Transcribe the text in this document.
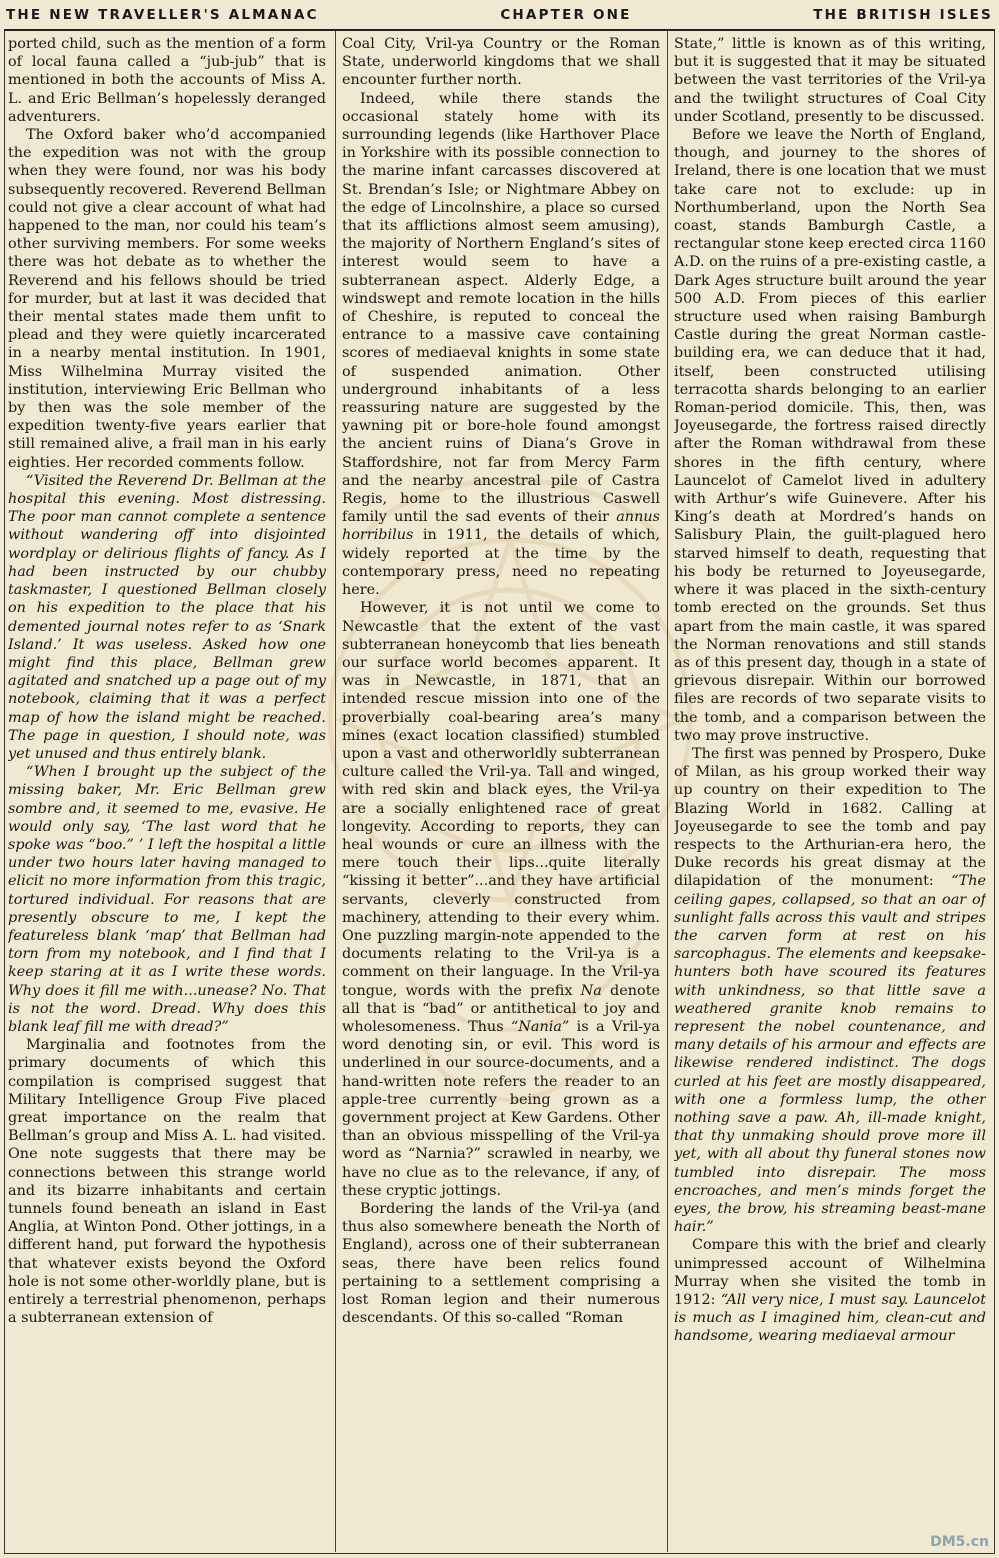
THE NEW TRAVELLER'S ALMANAC	CHAPTER ONE	THE BRITISH ISLES

ported child, such as the mention of a form of local fauna called a “jub-jub” that is mentioned in both the accounts of Miss A. L. and Eric Bellman’s hopelessly deranged adventurers.

The Oxford baker who’d accompanied the expedition was not with the group when they were found, nor was his body subsequently recovered. Reverend Bellman could not give a clear account of what had happened to the man, nor could his team’s other surviving members. For some weeks there was hot debate as to whether the Reverend and his fellows should be tried for murder, but at last it was decided that their mental states made them unfit to plead and they were quietly incarcerated in a nearby mental institution. In 1901, Miss Wilhelmina Murray visited the institution, interviewing Eric Bellman who by then was the sole member of the expedition twenty-five years earlier that still remained alive, a frail man in his early eighties. Her recorded comments follow.

“Visited the Reverend Dr. Bellman at the hospital this evening. Most distressing. The poor man cannot complete a sentence without wandering off into disjointed wordplay or delirious flights of fancy. As I had been instructed by our chubby taskmaster, I questioned Bellman closely on his expedition to the place that his demented journal notes refer to as ‘Snark Island.’ It was useless. Asked how one might find this place, Bellman grew agitated and snatched up a page out of my notebook, claiming that it was a perfect map of how the island might be reached. The page in question, I should note, was yet unused and thus entirely blank.

“When I brought up the subject of the missing baker, Mr. Eric Bellman grew sombre and, it seemed to me, evasive. He would only say, ‘The last word that he spoke was “boo.” ’ I left the hospital a little under two hours later having managed to elicit no more information from this tragic, tortured individual. For reasons that are presently obscure to me, I kept the featureless blank ‘map’ that Bellman had torn from my notebook, and I find that I keep staring at it as I write these words. Why does it fill me with...unease? No. That is not the word. Dread. Why does this blank leaf fill me with dread?”

Marginalia and footnotes from the primary documents of which this compilation is comprised suggest that Military Intelligence Group Five placed great importance on the realm that Bellman’s group and Miss A. L. had visited. One note suggests that there may be connections between this strange world and its bizarre inhabitants and certain tunnels found beneath an island in East Anglia, at Winton Pond. Other jottings, in a different hand, put forward the hypothesis that whatever exists beyond the Oxford hole is not some other-worldly plane, but is entirely a terrestrial phenomenon, perhaps a subterranean extension of

Coal City, Vril-ya Country or the Roman State, underworld kingdoms that we shall encounter further north.

Indeed, while there stands the occasional stately home with its surrounding legends (like Harthover Place in Yorkshire with its possible connection to the marine infant carcasses discovered at St. Brendan’s Isle; or Nightmare Abbey on the edge of Lincolnshire, a place so cursed that its afflictions almost seem amusing), the majority of Northern England’s sites of interest would seem to have a subterranean aspect. Alderly Edge, a windswept and remote location in the hills of Cheshire, is reputed to conceal the entrance to a massive cave containing scores of mediaeval knights in some state of suspended animation. Other underground inhabitants of a less reassuring nature are suggested by the yawning pit or bore-hole found amongst the ancient ruins of Diana’s Grove in Staffordshire, not far from Mercy Farm and the nearby ancestral pile of Castra Regis, home to the illustrious Caswell family until the sad events of their annus horribilus in 1911, the details of which, widely reported at the time by the contemporary press, need no repeating here.

However, it is not until we come to Newcastle that the extent of the vast subterranean honeycomb that lies beneath our surface world becomes apparent. It was in Newcastle, in 1871, that an intended rescue mission into one of the proverbially coal-bearing area’s many mines (exact location classified) stumbled upon a vast and otherworldly subterranean culture called the Vril-ya. Tall and winged, with red skin and black eyes, the Vril-ya are a socially enlightened race of great longevity. According to reports, they can heal wounds or cure an illness with the mere touch their lips...quite literally “kissing it better”...and they have artificial servants, cleverly constructed from machinery, attending to their every whim. One puzzling margin-note appended to the documents relating to the Vril-ya is a comment on their language. In the Vril-ya tongue, words with the prefix Na denote all that is “bad” or antithetical to joy and wholesomeness. Thus “Nania” is a Vril-ya word denoting sin, or evil. This word is underlined in our source-documents, and a hand-written note refers the reader to an apple-tree currently being grown as a government project at Kew Gardens. Other than an obvious misspelling of the Vril-ya word as “Narnia?” scrawled in nearby, we have no clue as to the relevance, if any, of these cryptic jottings.

Bordering the lands of the Vril-ya (and thus also somewhere beneath the North of England), across one of their subterranean seas, there have been relics found pertaining to a settlement comprising a lost Roman legion and their numerous descendants. Of this so-called “Roman

State,” little is known as of this writing, but it is suggested that it may be situated between the vast territories of the Vril-ya and the twilight structures of Coal City under Scotland, presently to be discussed.

Before we leave the North of England, though, and journey to the shores of Ireland, there is one location that we must take care not to exclude: up in Northumberland, upon the North Sea coast, stands Bamburgh Castle, a rectangular stone keep erected circa 1160 A.D. on the ruins of a pre-existing castle, a Dark Ages structure built around the year 500 A.D. From pieces of this earlier structure used when raising Bamburgh Castle during the great Norman castle-building era, we can deduce that it had, itself, been constructed utilising terracotta shards belonging to an earlier Roman-period domicile. This, then, was Joyeusegarde, the fortress raised directly after the Roman withdrawal from these shores in the fifth century, where Launcelot of Camelot lived in adultery with Arthur’s wife Guinevere. After his King’s death at Mordred’s hands on Salisbury Plain, the guilt-plagued hero starved himself to death, requesting that his body be returned to Joyeusegarde, where it was placed in the sixth-century tomb erected on the grounds. Set thus apart from the main castle, it was spared the Norman renovations and still stands as of this present day, though in a state of grievous disrepair. Within our borrowed files are records of two separate visits to the tomb, and a comparison between the two may prove instructive.

The first was penned by Prospero, Duke of Milan, as his group worked their way up country on their expedition to The Blazing World in 1682. Calling at Joyeusegarde to see the tomb and pay respects to the Arthurian-era hero, the Duke records his great dismay at the dilapidation of the monument: “The ceiling gapes, collapsed, so that an oar of sunlight falls across this vault and stripes the carven form at rest on his sarcophagus. The elements and keepsake-hunters both have scoured its features with unkindness, so that little save a weathered granite knob remains to represent the nobel countenance, and many details of his armour and effects are likewise rendered indistinct. The dogs curled at his feet are mostly disappeared, with one a formless lump, the other nothing save a paw. Ah, ill-made knight, that thy unmaking should prove more ill yet, with all about thy funeral stones now tumbled into disrepair. The moss encroaches, and men’s minds forget the eyes, the brow, his streaming beast-mane hair.”

Compare this with the brief and clearly unimpressed account of Wilhelmina Murray when she visited the tomb in 1912: “All very nice, I must say. Launcelot is much as I imagined him, clean-cut and handsome, wearing mediaeval armour

DM5.cn
